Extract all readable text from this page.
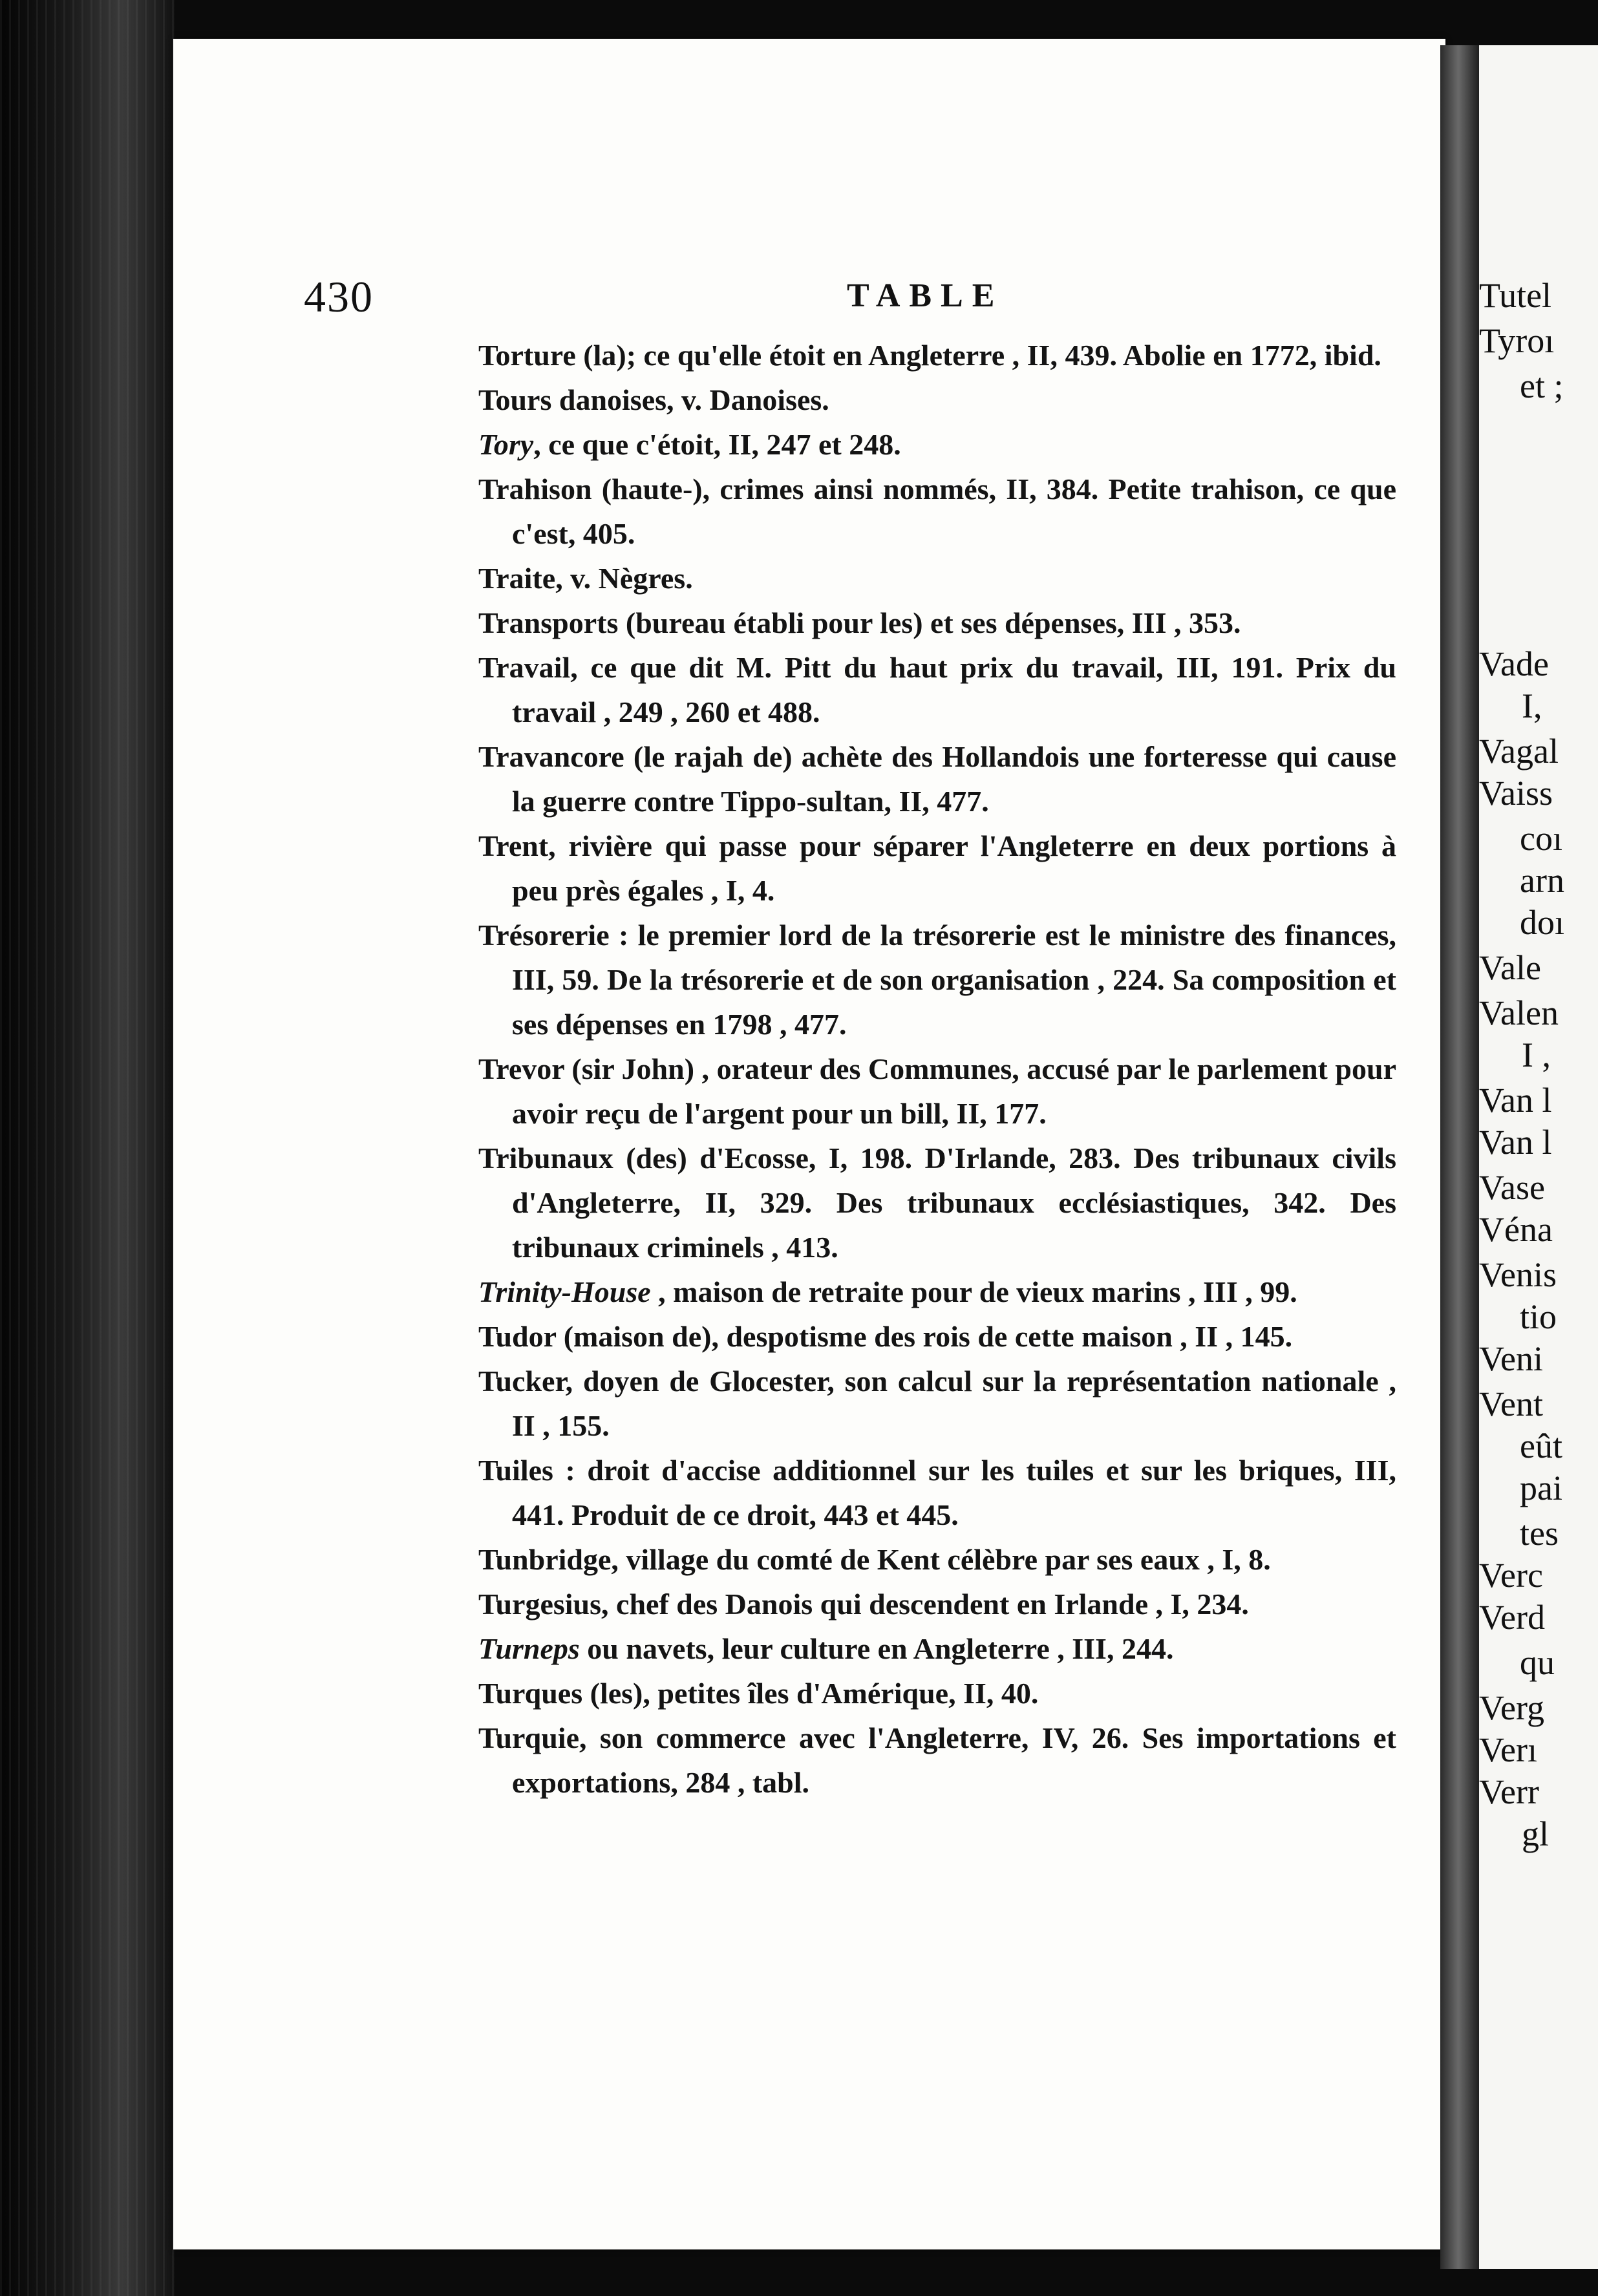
430	TABLE
Torture (la); ce qu'elle étoit en Angleterre , II, 439. Abolie en 1772, ibid.
Tours danoises, v. Danoises.
Tory, ce que c'étoit, II, 247 et 248.
Trahison (haute-), crimes ainsi nommés, II, 384. Petite trahison, ce que c'est, 405.
Traite, v. Nègres.
Transports (bureau établi pour les) et ses dépenses, III , 353.
Travail, ce que dit M. Pitt du haut prix du travail, III, 191. Prix du travail , 249 , 260 et 488.
Travancore (le rajah de) achète des Hollandois une forteresse qui cause la guerre contre Tippo-sultan, II, 477.
Trent, rivière qui passe pour séparer l'Angleterre en deux portions à peu près égales , I, 4.
Trésorerie : le premier lord de la trésorerie est le ministre des finances, III, 59. De la trésorerie et de son organisation , 224. Sa composition et ses dépenses en 1798 , 477.
Trevor (sir John) , orateur des Communes, accusé par le parlement pour avoir reçu de l'argent pour un bill, II, 177.
Tribunaux (des) d'Ecosse, I, 198. D'Irlande, 283. Des tribunaux civils d'Angleterre, II, 329. Des tribunaux ecclésiastiques, 342. Des tribunaux criminels , 413.
Trinity-House , maison de retraite pour de vieux marins , III , 99.
Tudor (maison de), despotisme des rois de cette maison , II , 145.
Tucker, doyen de Glocester, son calcul sur la représentation nationale , II , 155.
Tuiles : droit d'accise additionnel sur les tuiles et sur les briques, III, 441. Produit de ce droit, 443 et 445.
Tunbridge, village du comté de Kent célèbre par ses eaux , I, 8.
Turgesius, chef des Danois qui descendent en Irlande , I, 234.
Turneps ou navets, leur culture en Angleterre , III, 244.
Turques (les), petites îles d'Amérique, II, 40.
Turquie, son commerce avec l'Angleterre, IV, 26. Ses importations et exportations, 284 , tabl.
Tutel
Tyroı
et ;
Vade
I,
Vagal
Vaiss
coı
arn
doı
Vale
Valen
I ,
Van l
Van l
Vase
Véna
Venis
tio
Veni
Vent
eût
pai
tes
Verc
Verd
qu
Verg
Verı
Verr
gl
